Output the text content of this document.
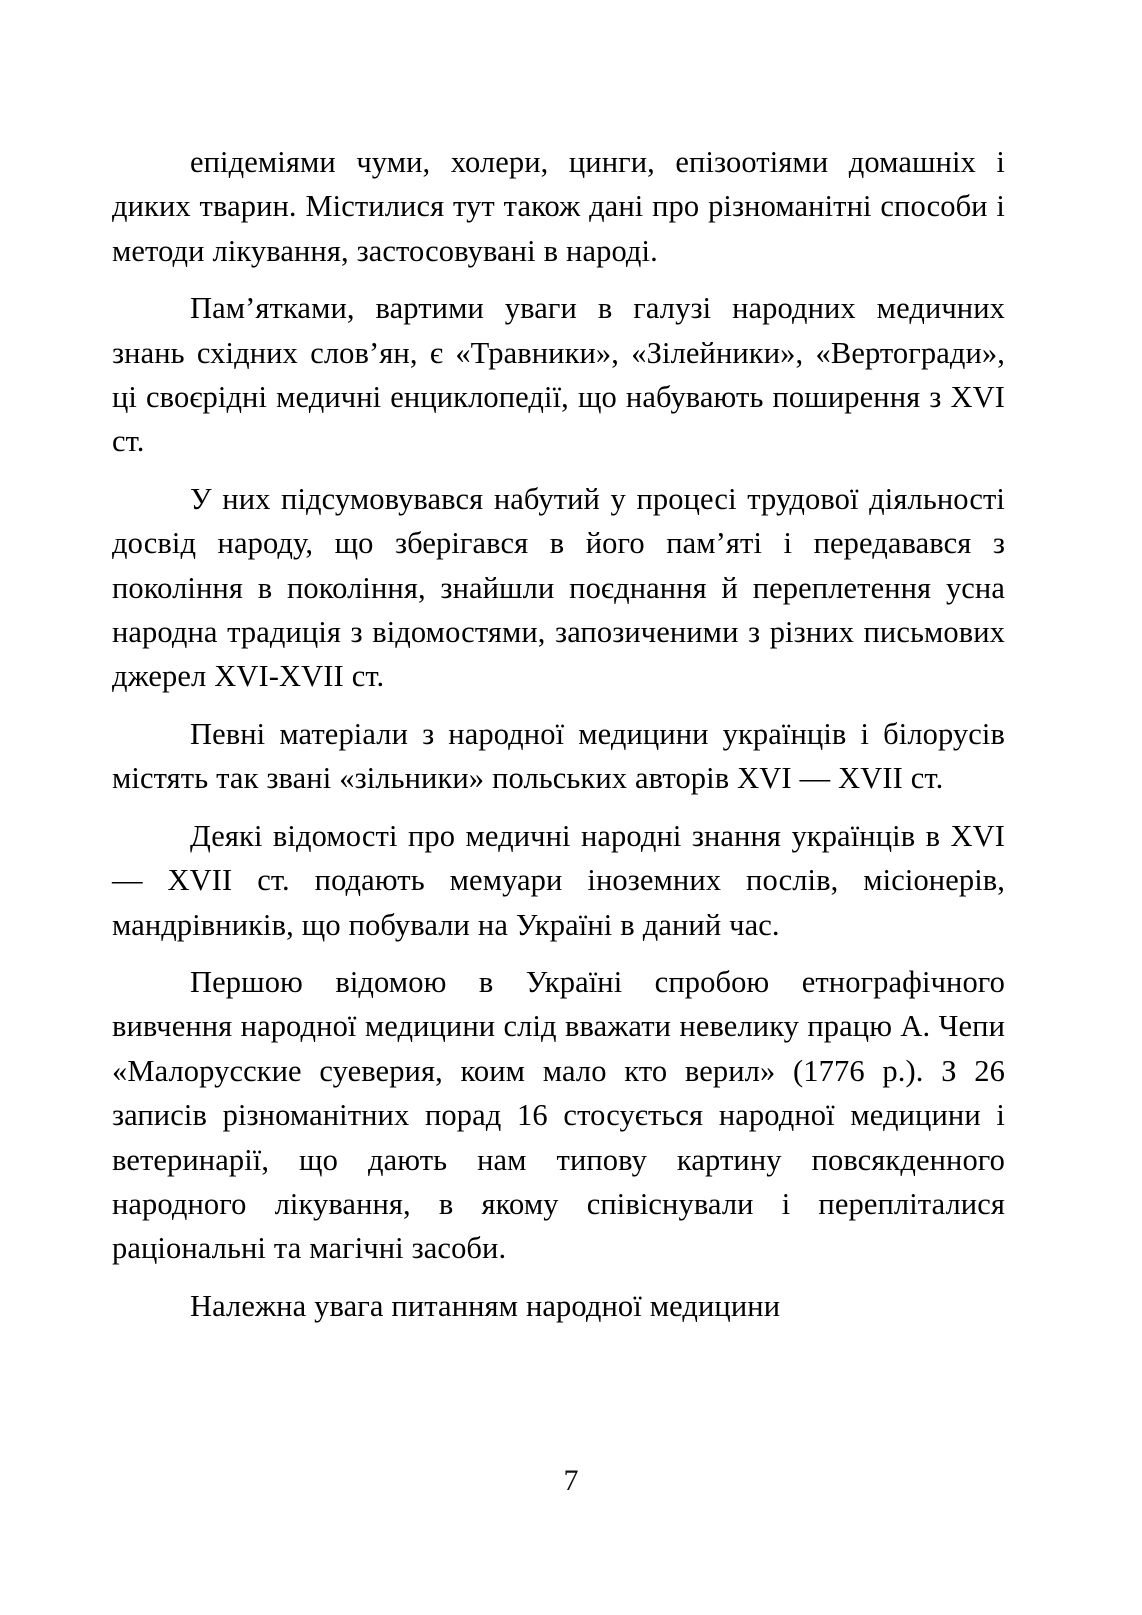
епідеміями чуми, холери, цинги, епізоотіями домашніх і диких тварин. Містилися тут також дані про різноманітні способи і методи лікування, застосовувані в народі.

Пам’ятками, вартими уваги в галузі народних медичних знань східних слов’ян, є «Травники», «Зілейники», «Вертогради», ці своєрідні медичні енциклопедії, що набувають поширення з XVI ст.

У них підсумовувався набутий у процесі трудової діяльності досвід народу, що зберігався в його пам’яті і передавався з покоління в покоління, знайшли поєднання й переплетення усна народна традиція з відомостями, запозиченими з різних письмових джерел XVI-XVII ст.

Певні матеріали з народної медицини українців і білорусів містять так звані «зільники» польських авторів XVI — XVII ст.

Деякі відомості про медичні народні знання українців в XVI — XVII ст. подають мемуари іноземних послів, місіонерів, мандрівників, що побували на Україні в даний час.

Першою відомою в Україні спробою етнографічного вивчення народної медицини слід вважати невелику працю А. Чепи «Малорусские суеверия, коим мало кто верил» (1776 р.). З 26 записів різноманітних порад 16 стосується народної медицини і ветеринарії, що дають нам типову картину повсякденного народного лікування, в якому співіснували і перепліталися раціональні та магічні засоби.

Належна увага питанням народної медицини

7
